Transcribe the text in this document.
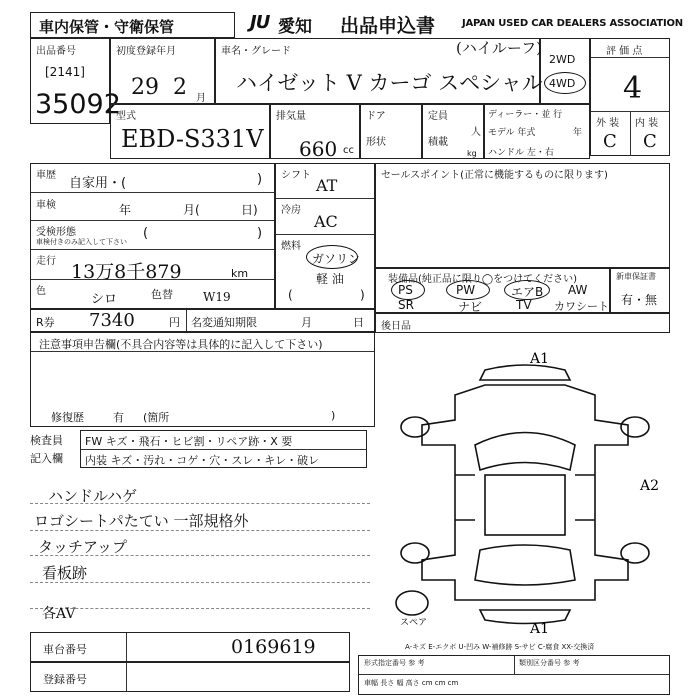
車内保管・守衛保管	JU 愛知 出品申込書	JAPAN USED CAR DEALERS ASSOCIATION
出品番号
[2141]
35092
初度登録年月
29 2 月
車名・グレード
ハイゼット V カーゴ スペシャル
(ハイルーフ)
2WD
4WD
評 価 点
4
外 装 内 装
C C
型式
EBD-S331V
排気量
660 cc
ドア
形状
定員
人
積載
kg
ディーラー・並 行
モデル 年式	年
ハンドル 左・右
車歴
自家用・(	)
車検	年	月(	日)
受検形態
車検付きのみ記入して下さい
(	)
走行 13万8千879	km
色
シロ	色替	W19
シフト
AT
冷房
AC
燃料
ガソリン
軽 油
(	)
セールスポイント(正常に機能するものに限ります)
装備品(純正品に限り◯をつけてください)
PS	PW	エアB AW
SR	ナビ	TV カワシート
新車保証書
有・無
R券 7340	円 名変通知期限	月	日 後日品
注意事項申告欄(不具合内容等は具体的に記入して下さい)
修復歴	有 (箇所	)
検査員
記入欄
FW キズ・飛石・ヒビ割・リペア跡・X 要
内装 キズ・汚れ・コゲ・穴・スレ・キレ・破レ
ハンドルハゲ
ロゴシートパたてい 一部規格外
タッチアップ
看板跡
各AV
車台番号	0169619
登録番号
形式指定番号 参 考	類別区分番号 参 考
車幅 長さ 幅 高さ cm cm cm
A1
A2
A1
スペア
A-キズ E-エクボ U-凹み W-補修跡 S-サビ C-腐食 XX-交換済
